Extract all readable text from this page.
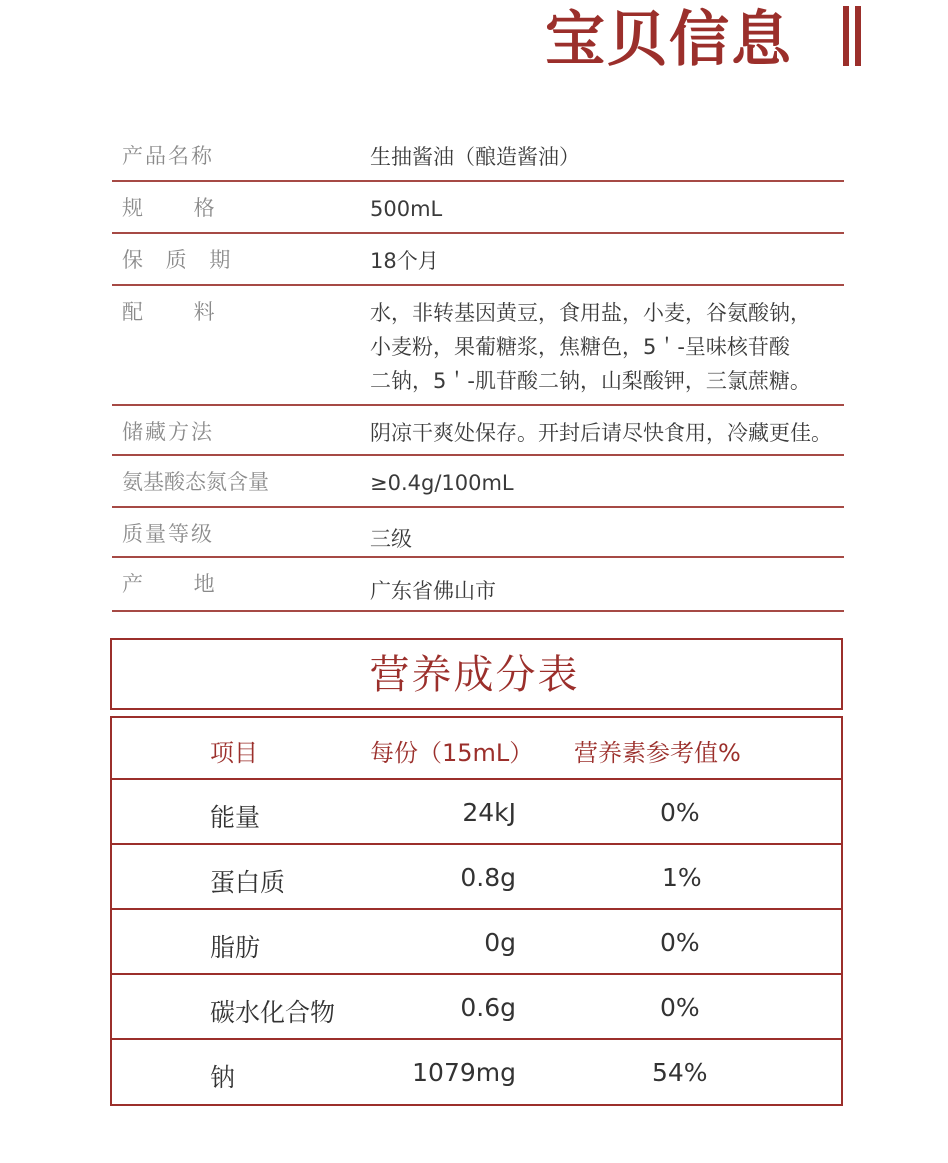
宝贝信息
产品名称	生抽酱油（酿造酱油）
规 格	500mL
保 质 期	18个月
配 料	水，非转基因黄豆，食用盐，小麦，谷氨酸钠，
小麦粉，果葡糖浆，焦糖色，5＇-呈味核苷酸
二钠，5＇-肌苷酸二钠，山梨酸钾，三氯蔗糖。
储藏方法	阴凉干爽处保存。开封后请尽快食用，冷藏更佳。
氨基酸态氮含量	≥0.4g/100mL
质量等级	三级
产 地	广东省佛山市
营养成分表
项目	每份（15mL） 营养素参考值%
能量	24kJ	0%
蛋白质	0.8g	1%
脂肪	0g	0%
碳水化合物	0.6g	0%
钠	1079mg	54%
